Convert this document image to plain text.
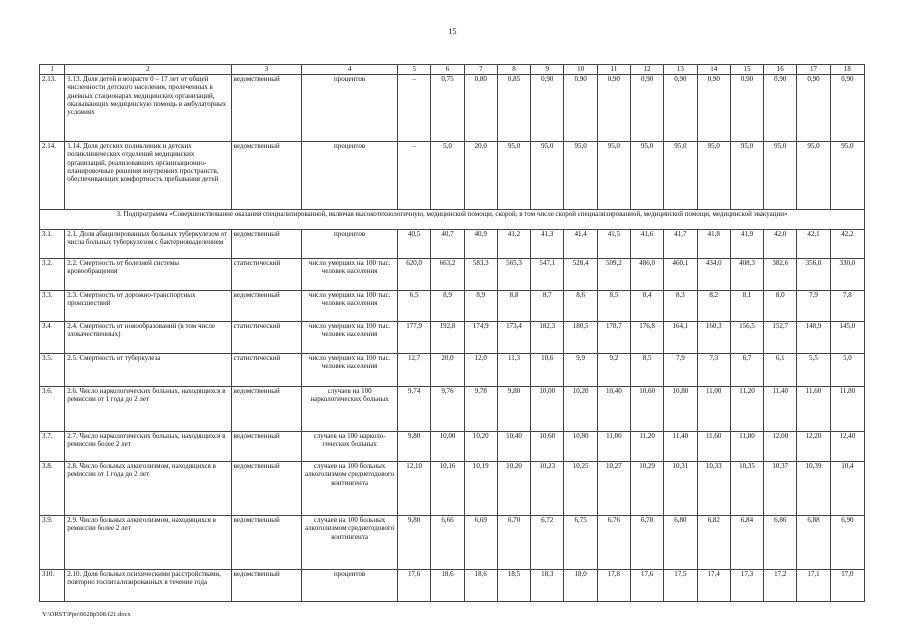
15
1	2	3	4	5	6	7	8	9	10	11	12	13	14	15	16	17	18
2.13.	1.13. Доля детей в возрасте 0 – 17 лет от общей численности детского населения, пролеченных в дневных стационарах медицинских организаций, оказывающих медицинскую помощь в амбулаторных условиях	ведомственный	процентов	–	0,75	0,80	0,85	0,90	0,90	0,90	0,90	0,90	0,90	0,90	0,90	0,90	0,90
2.14.	1.14. Доля детских поликлиник и детских поликлинических отделений медицинских организаций, реализовавших организационно-планировочные решения внутренних пространств, обеспечивающих комфортность пребывания детей	ведомственный	процентов	–	5,0	20,0	95,0	95,0	95,0	95,0	95,0	95,0	95,0	95,0	95,0	95,0	95,0
3. Подпрограмма «Совершенствование оказания специализированной, включая высокотехнологичную, медицинской помощи, скорой, в том числе скорой специализированной, медицинской помощи, медицинской эвакуации»																	
3.1.	2.1. Доля абацилированных больных туберкулезом от числа больных туберкулезом с бактериовыделением	ведомственный	процентов	40,5	40,7	40,9	41,2	41,3	41,4	41,5	41,6	41,7	41,8	41,9	42,0	42,1	42,2
3.2.	2.2. Смертность от болезней системы кровообращения	статистический	число умерших на 100 тыс. человек населения	620,0	663,2	583,3	565,3	547,1	528,4	509,2	486,0	460,1	434,0	408,3	382,6	356,0	330,0
3.3.	2.3. Смертность от дорожно-транспортных происшествий	ведомственный	число умерших на 100 тыс. человек населения	6,5	8,9	8,9	8,8	8,7	8,6	8,5	8,4	8,3	8,2	8,1	8,0	7,9	7,8
3.4	2.4. Смертность от новообразований (в том числе злокачественных)	статистический	число умерших на 100 тыс. человек населения	177,9	192,8	174,9	173,4	182,3	180,5	178,7	176,8	164,1	160,3	156,5	152,7	148,9	145,0
3.5.	2.5. Смертность от туберкулеза	статистический	число умерших на 100 тыс. человек населения	12,7	20,0	12,0	11,3	10,6	9,9	9,2	8,5	7,9	7,3	6,7	6,1	5,5	5,0
3.6.	2.6. Число наркологических больных, находящихся в ремиссии от 1 года до 2 лет	ведомственный	случаев на 100 наркологических больных	9,74	9,76	9,78	9,80	10,00	10,20	10,40	10,60	10,80	11,00	11,20	11,40	11,60	11,80
3.7.	2.7. Число наркологических больных, находящихся в ремиссии более 2 лет	ведомственный	случаев на 100 нарколо-гических больных	9,80	10,00	10,20	10,40	10,60	10,80	11,00	11,20	11,40	11,60	11,80	12,00	12,20	12,40
3.8.	2.8. Число больных алкоголизмом, находящихся в ремиссии от 1 года до 2 лет	ведомственный	случаев на 100 больных алкоголизмом среднегодового контингента	12,10	10,16	10,19	10,20	10,23	10,25	10,27	10,29	10,31	10,33	10,35	10,37	10,39	10,4
3.9.	2.9. Число больных алкоголизмом, находящихся в ремиссии более 2 лет	ведомственный	случаев на 100 больных алкоголизмом среднегодового контингента	9,80	6,66	6,69	6,70	6,72	6,75	6,76	6,78	6,80	6,82	6,84	6,86	6,88	6,90
310.	2.10. Доля больных психическими расстройствами, повторно госпитализированных в течение года	ведомственный	процентов	17,6	18,6	18,6	18,5	18,3	18,0	17,8	17,6	17,5	17,4	17,3	17,2	17,1	17,0
Y:\ORST\Ppo\0628p508.f21.docx
